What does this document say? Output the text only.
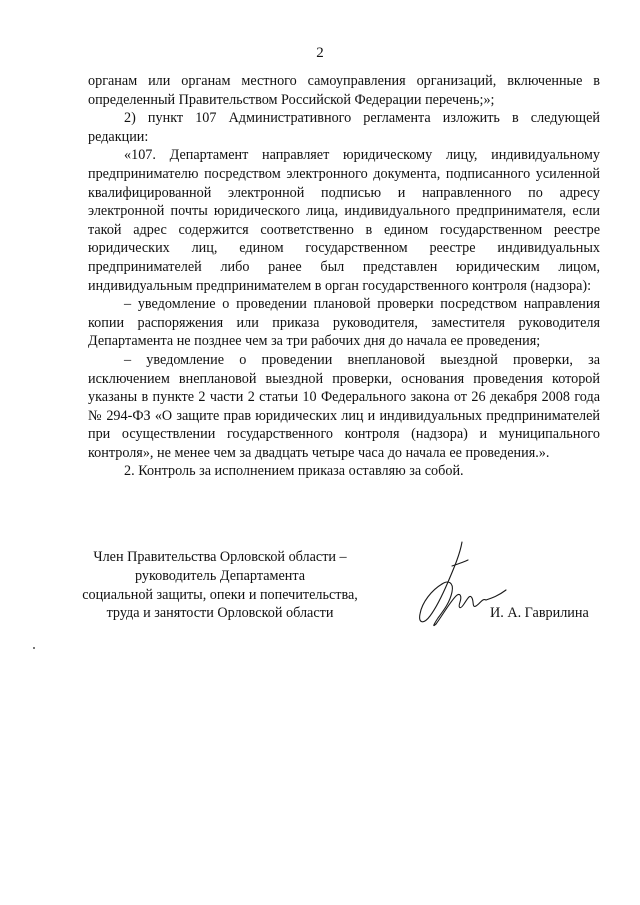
2

органам или органам местного самоуправления организаций, включенные в определенный Правительством Российской Федерации перечень;»;

2) пункт 107 Административного регламента изложить в следующей редакции:

«107. Департамент направляет юридическому лицу, индивидуальному предпринимателю посредством электронного документа, подписанного усиленной квалифицированной электронной подписью и направленного по адресу электронной почты юридического лица, индивидуального предпринимателя, если такой адрес содержится соответственно в едином государственном реестре юридических лиц, едином государственном реестре индивидуальных предпринимателей либо ранее был представлен юридическим лицом, индивидуальным предпринимателем в орган государственного контроля (надзора):

– уведомление о проведении плановой проверки посредством направления копии распоряжения или приказа руководителя, заместителя руководителя Департамента не позднее чем за три рабочих дня до начала ее проведения;

– уведомление о проведении внеплановой выездной проверки, за исключением внеплановой выездной проверки, основания проведения которой указаны в пункте 2 части 2 статьи 10 Федерального закона от 26 декабря 2008 года № 294-ФЗ «О защите прав юридических лиц и индивидуальных предпринимателей при осуществлении государственного контроля (надзора) и муниципального контроля», не менее чем за двадцать четыре часа до начала ее проведения.».

2. Контроль за исполнением приказа оставляю за собой.

Член Правительства Орловской области –
руководитель Департамента
социальной защиты, опеки и попечительства,
труда и занятости Орловской области	И. А. Гаврилина
